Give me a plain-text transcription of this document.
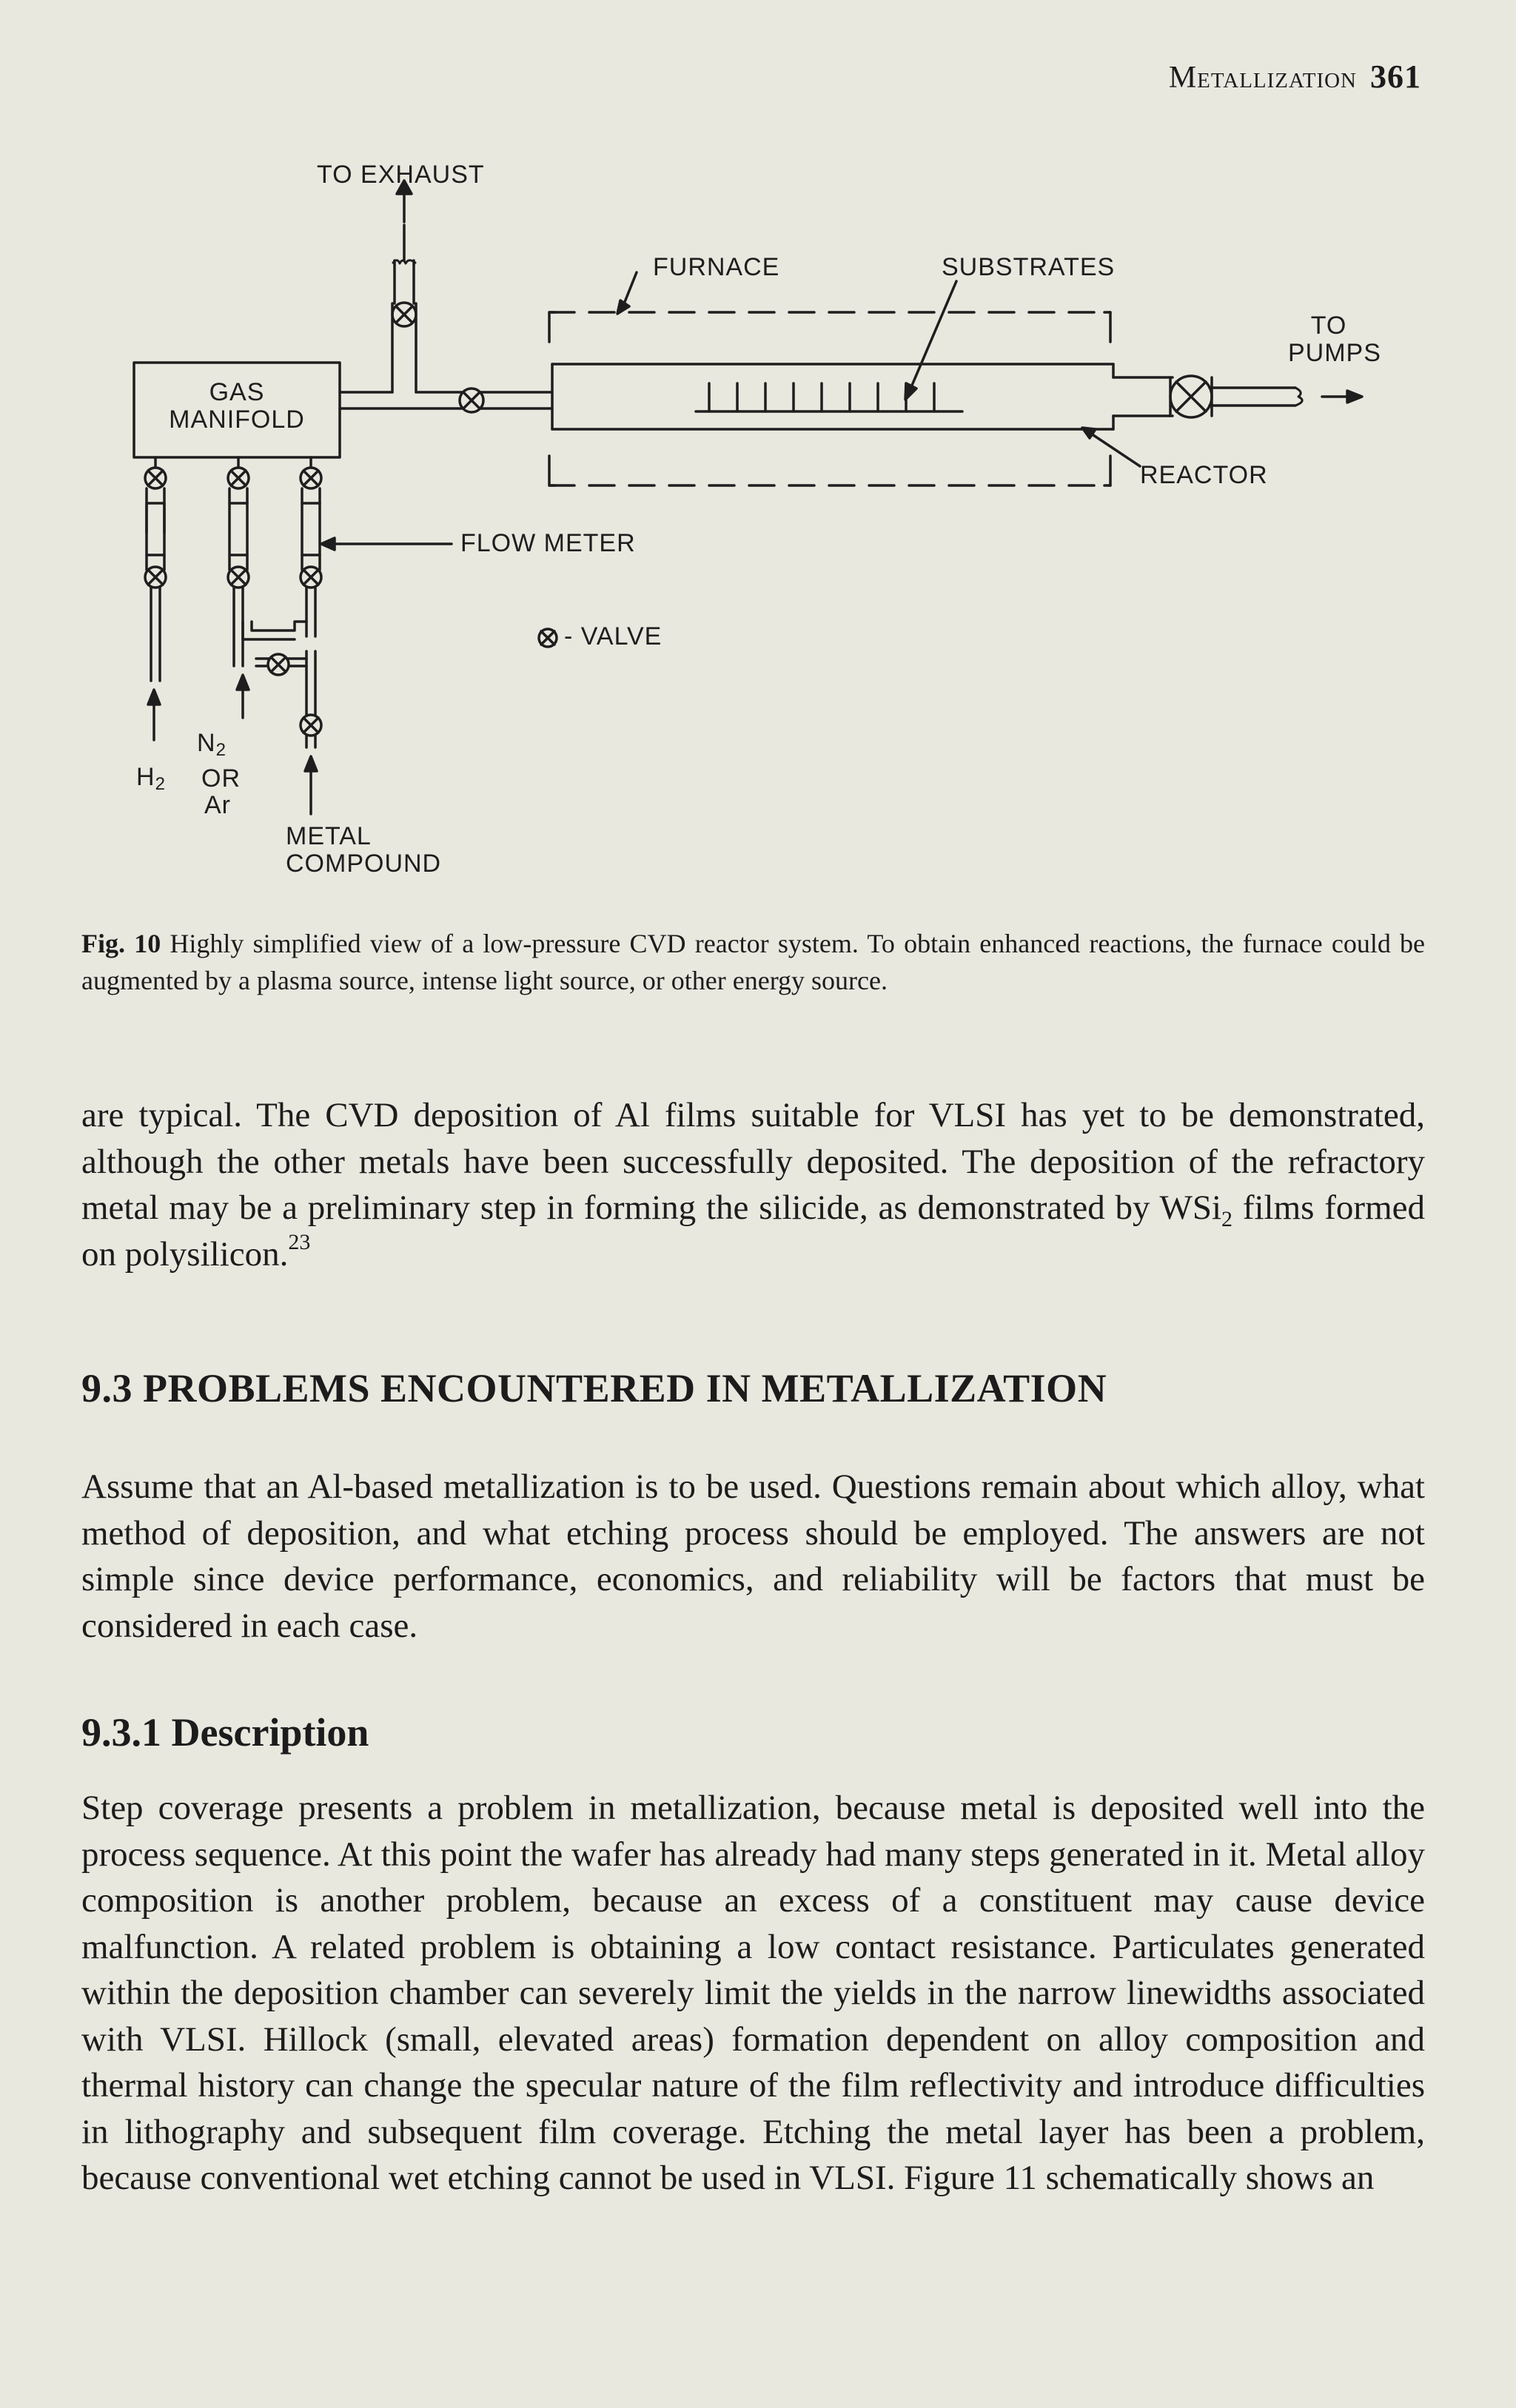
Metallization 361
TO EXHAUST
FURNACE	SUBSTRATES
TO
PUMPS
GAS
MANIFOLD
REACTOR
FLOW METER
- VALVE
$H_2$
$N_2$
OR
Ar
METAL
COMPOUND
Fig. 10 Highly simplified view of a low-pressure CVD reactor system. To obtain enhanced reactions, the furnace could be augmented by a plasma source, intense light source, or other energy source.
are typical. The CVD deposition of Al films suitable for VLSI has yet to be demonstrated, although the other metals have been successfully deposited. The deposition of the refractory metal may be a preliminary step in forming the silicide, as demonstrated by WSi$_2$ films formed on polysilicon.$^{23}$
9.3 PROBLEMS ENCOUNTERED IN METALLIZATION
Assume that an Al-based metallization is to be used. Questions remain about which alloy, what method of deposition, and what etching process should be employed. The answers are not simple since device performance, economics, and reliability will be factors that must be considered in each case.
9.3.1 Description
Step coverage presents a problem in metallization, because metal is deposited well into the process sequence. At this point the wafer has already had many steps generated in it. Metal alloy composition is another problem, because an excess of a constituent may cause device malfunction. A related problem is obtaining a low contact resistance. Particulates generated within the deposition chamber can severely limit the yields in the narrow linewidths associated with VLSI. Hillock (small, elevated areas) formation dependent on alloy composition and thermal history can change the specular nature of the film reflectivity and introduce difficulties in lithography and subsequent film coverage. Etching the metal layer has been a problem, because conventional wet etching cannot be used in VLSI. Figure 11 schematically shows an
